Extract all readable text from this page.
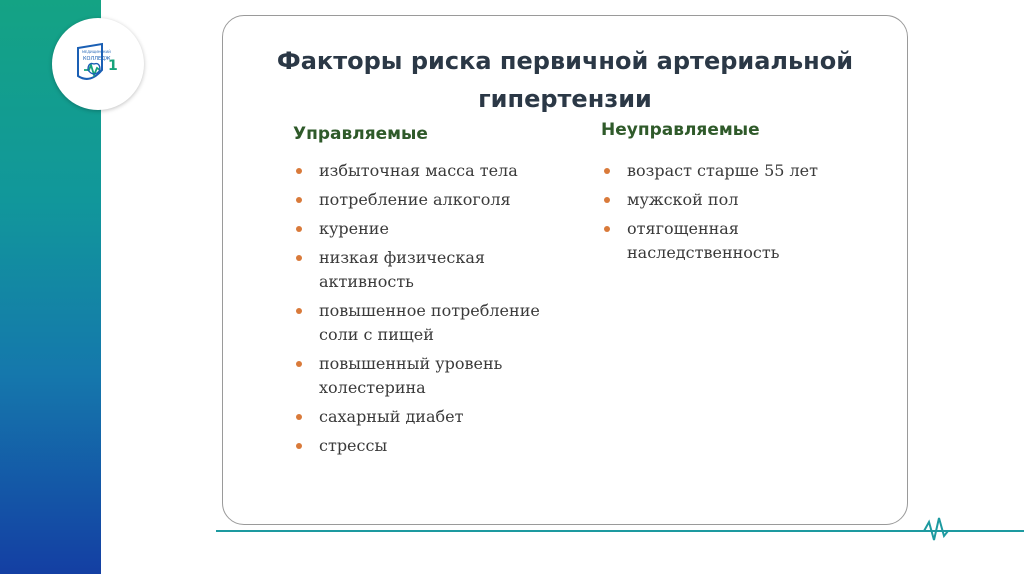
МЕДИЦИНСКИЙ
КОЛЛЕДЖ
1	Факторы риска первичной артериальной
гипертензии
Управляемые	Неуправляемые
избыточная масса тела
потребление алкоголя
курение
низкая физическая активность
повышенное потребление соли с пищей
повышенный уровень холестерина
сахарный диабет
стрессы
возраст старше 55 лет
мужской пол
отягощенная наследственность
